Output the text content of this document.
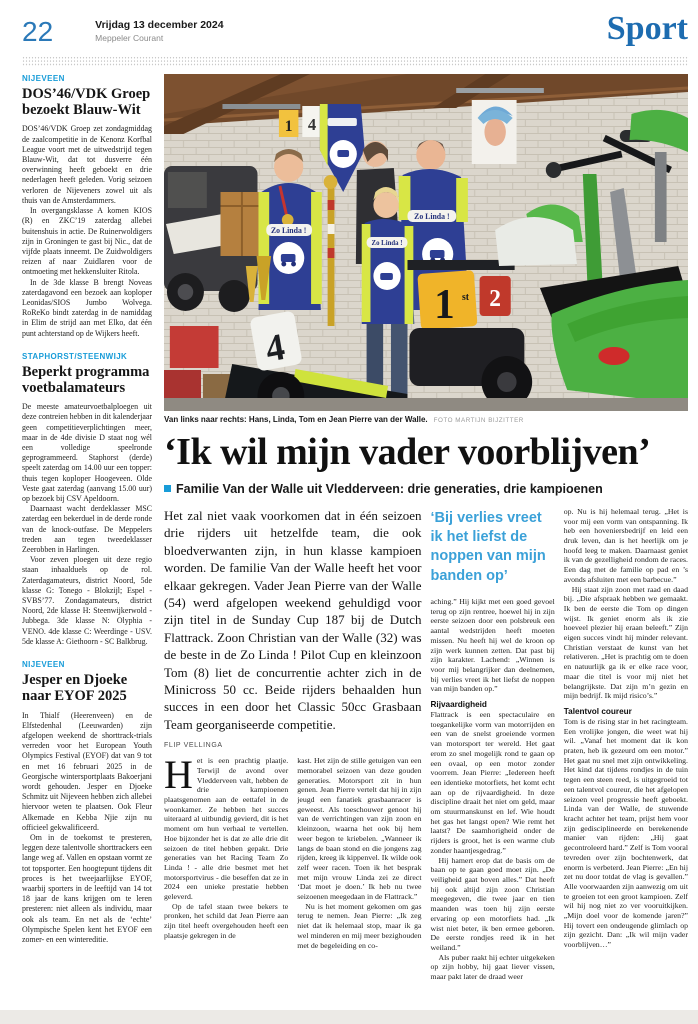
22	Vrijdag 13 december 2024
Meppeler Courant	Sport
NIJEVEEN
DOS’46/VDK Groep bezoekt Blauw-Wit

DOS’46/VDK Groep zet zondagmiddag de zaalcompetitie in de Kenonz Korfbal League voort met de uitwedstrijd tegen Blauw-Wit, dat tot dusverre één overwinning heeft geboekt en drie nederlagen heeft geleden. Vorig seizoen verloren de Nijeveners zowel uit als thuis van de Amsterdammers.

In overgangsklasse A komen KIOS (R) en ZKC’19 zaterdag allebei buitenshuis in actie. De Ruinerwoldigers zijn in Groningen te gast bij Nic., dat de vijfde plaats inneemt. De Zuidwoldigers reizen af naar Zuidlaren voor de ontmoeting met hekkensluiter Ritola.

In de 3de klasse B brengt Noveas zaterdagavond een bezoek aan koploper Leonidas/SIOS Jumbo Wolvega. RoReKo bindt zaterdag in de namiddag in Elim de strijd aan met Elko, dat één punt achterstand op de Wijkers heeft.

STAPHORST/STEENWIJK
Beperkt programma voetbalamateurs

De meeste amateurvoetbalploegen uit deze contreien hebben in dit kalenderjaar geen competitieverplichtingen meer, maar in de 4de divisie D staat nog wél een volledige speelronde geprogrammeerd. Staphorst (derde) speelt zaterdag om 14.00 uur een topper: thuis tegen koploper Hoogeveen. Olde Veste gaat zaterdag (aanvang 15.00 uur) op bezoek bij CSV Apeldoorn.

Daarnaast wacht derdeklasser MSC zaterdag een bekerduel in de derde ronde van de knock-outfase. De Meppelers treden aan tegen tweedeklasser Zeerobben in Harlingen.

Voor zeven ploegen uit deze regio staan inhaalduels op de rol. Zaterdagamateurs, district Noord, 5de klasse G: Tonego - Blokzijl; Espel - SVBS’77. Zondagamateurs, district Noord, 2de klasse H: Steenwijkerwold - Jubbega. 3de klasse N: Olyphia - VENO. 4de klasse C: Weerdinge - USV. 5de klasse A: Giethoorn - SC Balkbrug.

NIJEVEEN
Jesper en Djoeke naar EYOF 2025

In Thialf (Heerenveen) en de Elfstedenhal (Leeuwarden) zijn afgelopen weekend de shorttrack-trials verreden voor het European Youth Olympics Festival (EYOF) dat van 9 tot en met 16 februari 2025 in de Georgische wintersportplaats Bakoerjani wordt gehouden. Jesper en Djoeke Schmitz uit Nijeveen hebben zich allebei hiervoor weten te plaatsen. Ook Fleur Alkemade en Kebba Njie zijn nu officieel gekwalificeerd.

Om in de toekomst te presteren, leggen deze talentvolle shorttrackers een lange weg af. Vallen en opstaan vormt ze tot topsporter. Een hoogtepunt tijdens dit proces is het tweejaarlijkse EYOF, waarbij sporters in de leeftijd van 14 tot 18 jaar de kans krijgen om te leren presteren: niet alleen als individu, maar ook als team. En net als de ‘echte’ Olympische Spelen kent het EYOF een zomer- en een wintereditie.

1 4
Zo Linda !
Zo Linda !
Zo Linda !
1 st 2
4
Van links naar rechts: Hans, Linda, Tom en Jean Pierre van der Walle. FOTO MARTIJN BIJZITTER
‘Ik wil mijn vader voorblijven’
Familie Van der Walle uit Vledderveen: drie generaties, drie kampioenen
Het zal niet vaak voorkomen dat in één seizoen drie rijders uit hetzelfde team, die ook bloedverwanten zijn, in hun klasse kampioen worden. De familie Van der Walle heeft het voor elkaar gekregen. Vader Jean Pierre van der Walle (54) werd afgelopen weekend gehuldigd voor zijn titel in de Sunday Cup 187 bij de Dutch Flattrack. Zoon Christian van der Walle (32) was de beste in de Zo Linda ! Pilot Cup en kleinzoon Tom (8) liet de concurrentie achter zich in de Minicross 50 cc. Beide rijders behaalden hun succes in een door het Classic 50cc Grasbaan Team georganiseerde competitie.
FLIP VELLINGA

Het is een prachtig plaatje. Terwijl de avond over Vledderveen valt, hebben de drie kampioenen plaatsgenomen aan de eettafel in de woonkamer. Ze hebben het succes uiteraard al uitbundig gevierd, dit is het moment om hun verhaal te vertellen. Hoe bijzonder het is dat ze alle drie dit seizoen de titel hebben gepakt. Drie generaties van het Racing Team Zo Linda ! - alle drie besmet met het motorsportvirus - die beseffen dat ze in 2024 een unieke prestatie hebben geleverd.

Op de tafel staan twee bekers te pronken, het schild dat Jean Pierre aan zijn titel heeft overgehouden heeft een plaatsje gekregen in de

kast. Het zijn de stille getuigen van een memorabel seizoen van deze gouden generaties. Motorsport zit in hun genen. Jean Pierre vertelt dat hij in zijn jeugd een fanatiek grasbaanracer is geweest. Als toeschouwer genoot hij van de verrichtingen van zijn zoon en kleinzoon, waarna het ook bij hem weer begon te kriebelen. „Wanneer ik langs de baan stond en die jongens zag rijden, kreeg ik kippenvel. Ik wilde ook zelf weer racen. Toen ik het besprak met mijn vrouw Linda zei ze direct ‘Dat moet je doen.’ Ik heb nu twee seizoenen meegedaan in de Flattrack.”

Nu is het moment gekomen om gas terug te nemen. Jean Pierre: „Ik zeg niet dat ik helemaal stop, maar ik ga wel minderen en mij meer bezighouden met de begeleiding en co-

‘Bij verlies vreet ik het liefst de noppen van mijn banden op’

aching.” Hij kijkt met een goed gevoel terug op zijn rentree, hoewel hij in zijn eerste seizoen door een polsbreuk een aantal wedstrijden heeft moeten missen. Nu heeft hij wel de kroon op zijn werk kunnen zetten. Dat past bij zijn karakter. Lachend: „Winnen is voor mij belangrijker dan deelnemen, bij verlies vreet ik het liefst de noppen van mijn banden op.”

Rijvaardigheid

Flattrack is een spectaculaire en toegankelijke vorm van motorrijden en een van de snelst groeiende vormen van motorsport ter wereld. Het gaat erom zo snel mogelijk rond te gaan op een ovaal, op een motor zonder voorrem. Jean Pierre: „Iedereen heeft een identieke motorfiets, het komt echt aan op de rijvaardigheid. In deze discipline draait het niet om geld, maar om stuurmanskunst en lef. Wie houdt het gas het langst open? Wie remt het laatst? De saamhorigheid onder de rijders is groot, het is een warme club zonder haantjesgedrag.”

Hij hamert erop dat de basis om de baan op te gaan goed moet zijn. „De veiligheid gaat boven alles.” Dat heeft hij ook altijd zijn zoon Christian meegegeven, die twee jaar en tien maanden was toen hij zijn eerste ervaring op een motorfiets had. „Ik wist niet beter, ik ben ermee geboren. De eerste rondjes reed ik in het weiland.”

Als puber raakt hij echter uitgekeken op zijn hobby, hij gaat liever vissen, maar pakt later de draad weer

op. Nu is hij helemaal terug. „Het is voor mij een vorm van ontspanning. Ik heb een hoveniersbedrijf en leid een druk leven, dan is het heerlijk om je hoofd leeg te maken. Daarnaast geniet ik van de gezelligheid rondom de races. Een dag met de familie op pad en ’s avonds afsluiten met een barbecue.”

Hij staat zijn zoon met raad en daad bij. „Die afspraak hebben we gemaakt. Ik ben de eerste die Tom op dingen wijst. Ik geniet enorm als ik zie hoeveel plezier hij eraan beleeft.” Zijn eigen succes vindt hij minder relevant. Christian verstaat de kunst van het relativeren. „Het is prachtig om te doen en natuurlijk ga ik er elke race voor, maar die titel is voor mij niet het belangrijkste. Dat zijn m’n gezin en mijn bedrijf. Ik mijd risico’s.”

Talentvol coureur

Tom is de rising star in het racingteam. Een vrolijke jongen, die weet wat hij wil. „Vanaf het moment dat ik kon praten, heb ik gezeurd om een motor.” Het gaat nu snel met zijn ontwikkeling. Het kind dat tijdens rondjes in de tuin tegen een steen reed, is uitgegroeid tot een talentvol coureur, die het afgelopen seizoen veel progressie heeft geboekt. Linda van der Walle, de stuwende kracht achter het team, prijst hem voor zijn gedisciplineerde en berekenende manier van rijden: „Hij gaat gecontroleerd hard.” Zelf is Tom vooral tevreden over zijn bochtenwerk, dat enorm is verbeterd. Jean Pierre: „En hij zet nu door totdat de vlag is gevallen.” Alle voorwaarden zijn aanwezig om uit te groeien tot een groot kampioen. Zelf wil hij nog niet zo ver vooruitkijken. „Mijn doel voor de komende jaren?” Hij tovert een ondeugende glimlach op zijn gezicht. Dan: „Ik wil mijn vader voorblijven…”
